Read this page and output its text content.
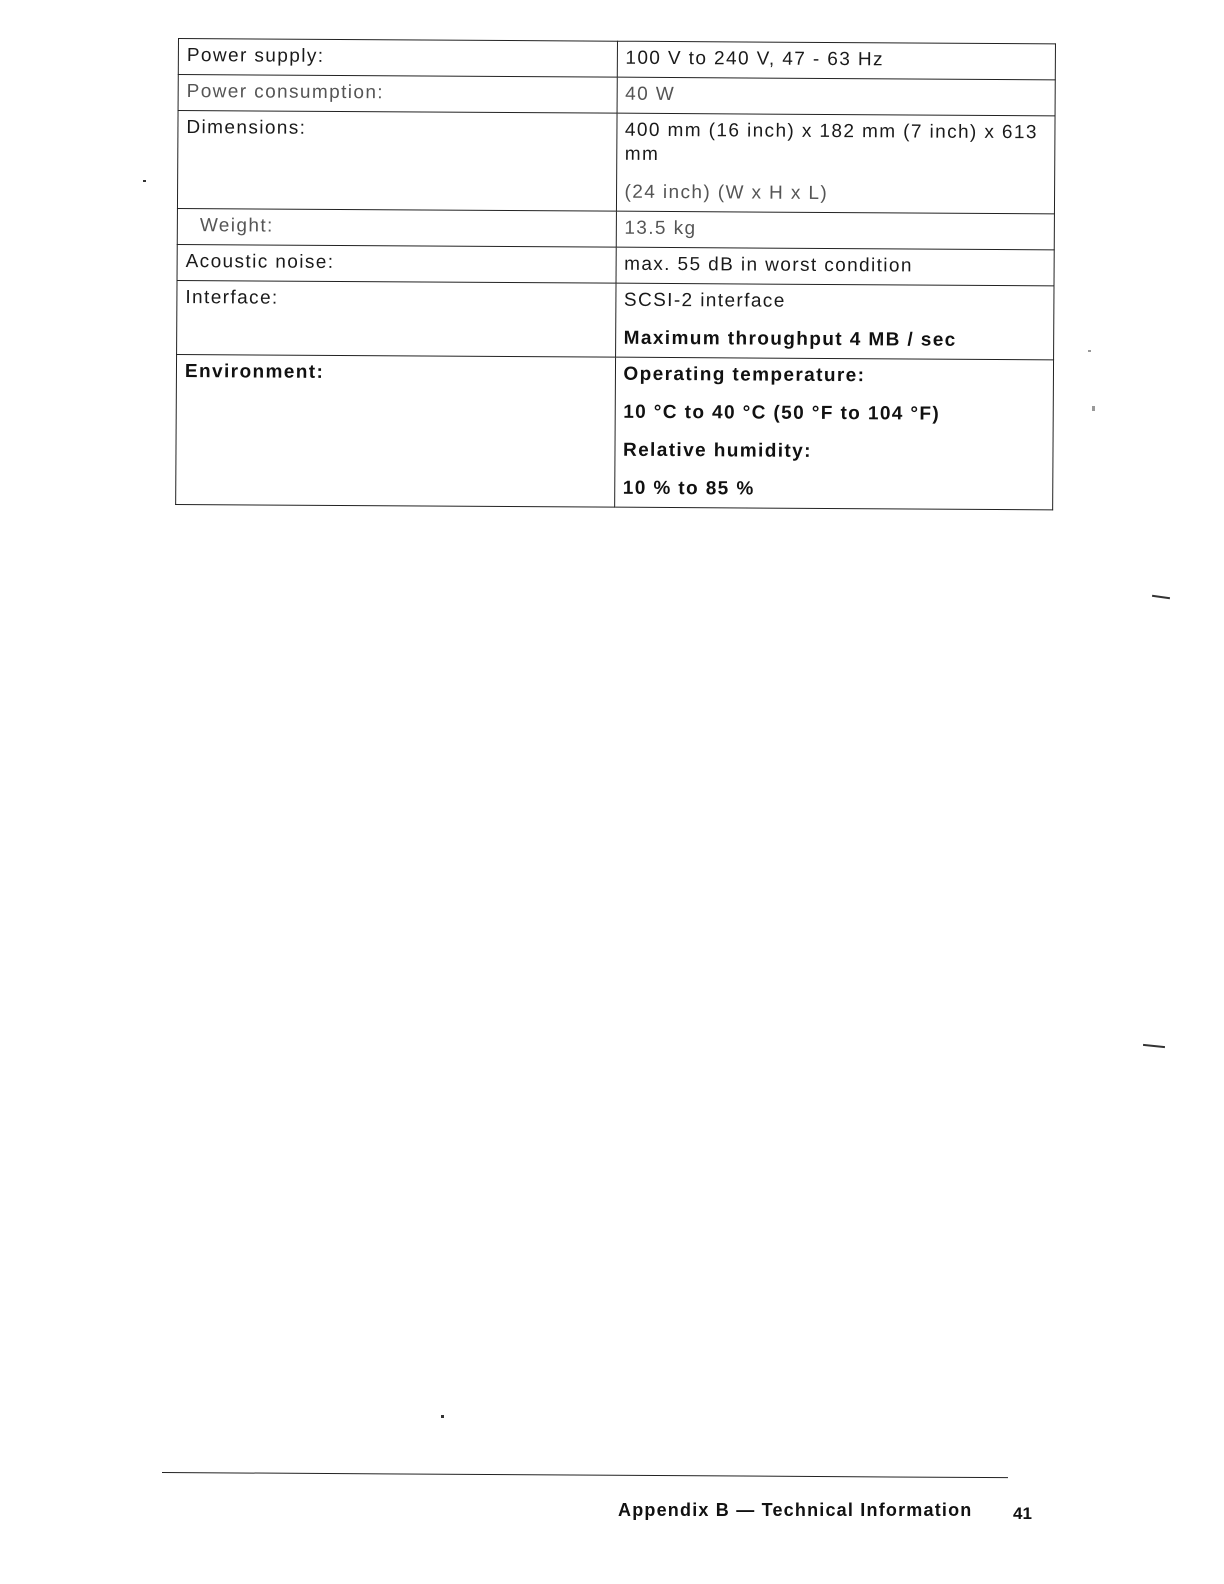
Power supply:	100 V to 240 V, 47 - 63 Hz

Power consumption:	40 W

Dimensions:	400 mm (16 inch) x 182 mm (7 inch) x 613 mm
(24 inch) (W x H x L)

Weight:	13.5 kg

Acoustic noise:	max. 55 dB in worst condition

Interface:	SCSI-2 interface
Maximum throughput 4 MB / sec

Environment:	Operating temperature:
10 °C to 40 °C (50 °F to 104 °F)
Relative humidity:
10 % to 85 %
Appendix B — Technical Information 41
